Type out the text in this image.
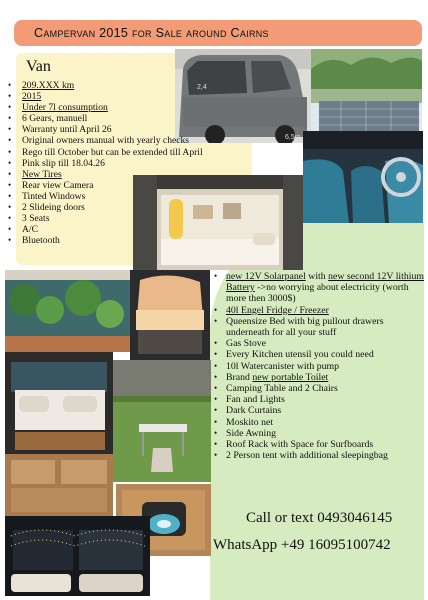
Campervan 2015 for Sale around Cairns
2,4
6,5m
Van
• 209.XXX km
• 2015
• Under 7l consumption
• 6 Gears, manuell
• Warranty until April 26
• Original owners manual with yearly checks
• Rego till October but can be extended till April
• Pink slip till 18.04.26
• New Tires
• Rear view Camera
• Tinted Windows
• 2 Slideing doors
• 3 Seats
• A/C
• Bluetooth
• new 12V Solarpanel with new second 12V lithium Battery ->no worrying about electricity (worth more then 3000$)
• 40l Engel Fridge / Freezer
• Queensize Bed with big pullout drawers underneath for all your stuff
• Gas Stove
• Every Kitchen utensil you could need
• 10l Watercanister with pump
• Brand new portable Toilet
• Camping Table and 2 Chairs
• Fan and Lights
• Dark Curtains
• Moskito net
• Side Awning
• Roof Rack with Space for Surfboards
• 2 Person tent with additional sleepingbag
Call or text 0493046145
WhatsApp +49 16095100742
